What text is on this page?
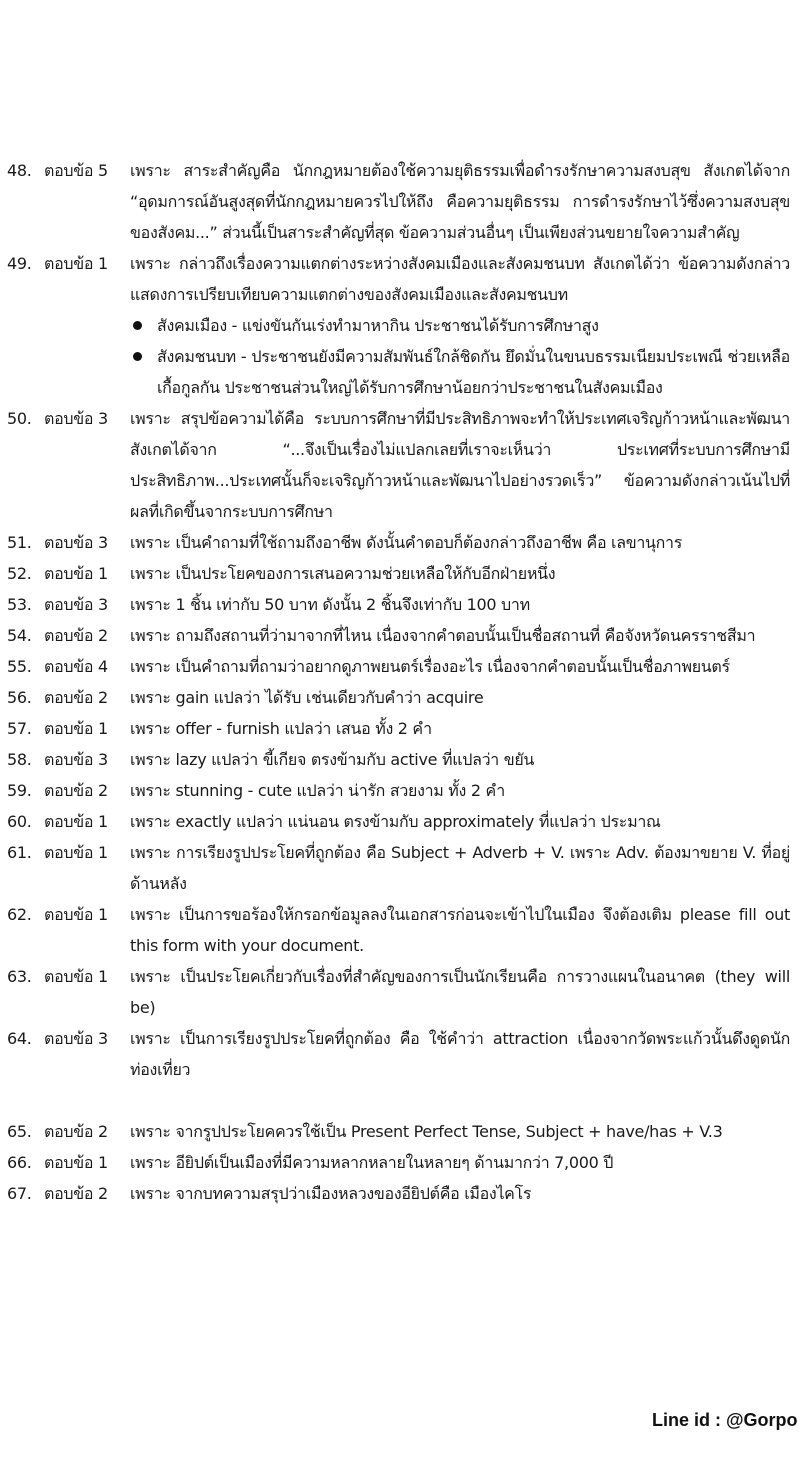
48. ตอบข้อ 5	เพราะ สาระสำคัญคือ นักกฎหมายต้องใช้ความยุติธรรมเพื่อดำรงรักษาความสงบสุข สังเกตได้จาก “อุดมการณ์อันสูงสุดที่นักกฎหมายควรไปให้ถึง คือความยุติธรรม การดำรงรักษาไว้ซึ่งความสงบสุขของสังคม...” ส่วนนี้เป็นสาระสำคัญที่สุด ข้อความส่วนอื่นๆ เป็นเพียงส่วนขยายใจความสำคัญ
49. ตอบข้อ 1	เพราะ กล่าวถึงเรื่องความแตกต่างระหว่างสังคมเมืองและสังคมชนบท สังเกตได้ว่า ข้อความดังกล่าว แสดงการเปรียบเทียบความแตกต่างของสังคมเมืองและสังคมชนบท
สังคมเมือง - แข่งขันกันเร่งทำมาหากิน ประชาชนได้รับการศึกษาสูง
สังคมชนบท - ประชาชนยังมีความสัมพันธ์ใกล้ชิดกัน ยึดมั่นในขนบธรรมเนียมประเพณี ช่วยเหลือเกื้อกูลกัน ประชาชนส่วนใหญ่ได้รับการศึกษาน้อยกว่าประชาชนในสังคมเมือง
50. ตอบข้อ 3	เพราะ สรุปข้อความได้คือ ระบบการศึกษาที่มีประสิทธิภาพจะทำให้ประเทศเจริญก้าวหน้าและพัฒนา สังเกตได้จาก “...จึงเป็นเรื่องไม่แปลกเลยที่เราจะเห็นว่า ประเทศที่ระบบการศึกษามีประสิทธิภาพ...ประเทศนั้นก็จะเจริญก้าวหน้าและพัฒนาไปอย่างรวดเร็ว” ข้อความดังกล่าวเน้นไปที่ผลที่เกิดขึ้นจากระบบการศึกษา
51. ตอบข้อ 3	เพราะ เป็นคำถามที่ใช้ถามถึงอาชีพ ดังนั้นคำตอบก็ต้องกล่าวถึงอาชีพ คือ เลขานุการ
52. ตอบข้อ 1	เพราะ เป็นประโยคของการเสนอความช่วยเหลือให้กับอีกฝ่ายหนึ่ง
53. ตอบข้อ 3	เพราะ 1 ชิ้น เท่ากับ 50 บาท ดังนั้น 2 ชิ้นจึงเท่ากับ 100 บาท
54. ตอบข้อ 2	เพราะ ถามถึงสถานที่ว่ามาจากที่ไหน เนื่องจากคำตอบนั้นเป็นชื่อสถานที่ คือจังหวัดนครราชสีมา
55. ตอบข้อ 4	เพราะ เป็นคำถามที่ถามว่าอยากดูภาพยนตร์เรื่องอะไร เนื่องจากคำตอบนั้นเป็นชื่อภาพยนตร์
56. ตอบข้อ 2	เพราะ gain แปลว่า ได้รับ เช่นเดียวกับคำว่า acquire
57. ตอบข้อ 1	เพราะ offer - furnish แปลว่า เสนอ ทั้ง 2 คำ
58. ตอบข้อ 3	เพราะ lazy แปลว่า ขี้เกียจ ตรงข้ามกับ active ที่แปลว่า ขยัน
59. ตอบข้อ 2	เพราะ stunning - cute แปลว่า น่ารัก สวยงาม ทั้ง 2 คำ
60. ตอบข้อ 1	เพราะ exactly แปลว่า แน่นอน ตรงข้ามกับ approximately ที่แปลว่า ประมาณ
61. ตอบข้อ 1	เพราะ การเรียงรูปประโยคที่ถูกต้อง คือ Subject + Adverb + V. เพราะ Adv. ต้องมาขยาย V. ที่อยู่ด้านหลัง
62. ตอบข้อ 1	เพราะ เป็นการขอร้องให้กรอกข้อมูลลงในเอกสารก่อนจะเข้าไปในเมือง จึงต้องเติม please fill out this form with your document.
63. ตอบข้อ 1	เพราะ เป็นประโยคเกี่ยวกับเรื่องที่สำคัญของการเป็นนักเรียนคือ การวางแผนในอนาคต (they will be)
64. ตอบข้อ 3	เพราะ เป็นการเรียงรูปประโยคที่ถูกต้อง คือ ใช้คำว่า attraction เนื่องจากวัดพระแก้วนั้นดึงดูดนักท่องเที่ยว
65. ตอบข้อ 2	เพราะ จากรูปประโยคควรใช้เป็น Present Perfect Tense, Subject + have/has + V.3
66. ตอบข้อ 1	เพราะ อียิปต์เป็นเมืองที่มีความหลากหลายในหลายๆ ด้านมากว่า 7,000 ปี
67. ตอบข้อ 2	เพราะ จากบทความสรุปว่าเมืองหลวงของอียิปต์คือ เมืองไคโร
Line id : @Gorpo
